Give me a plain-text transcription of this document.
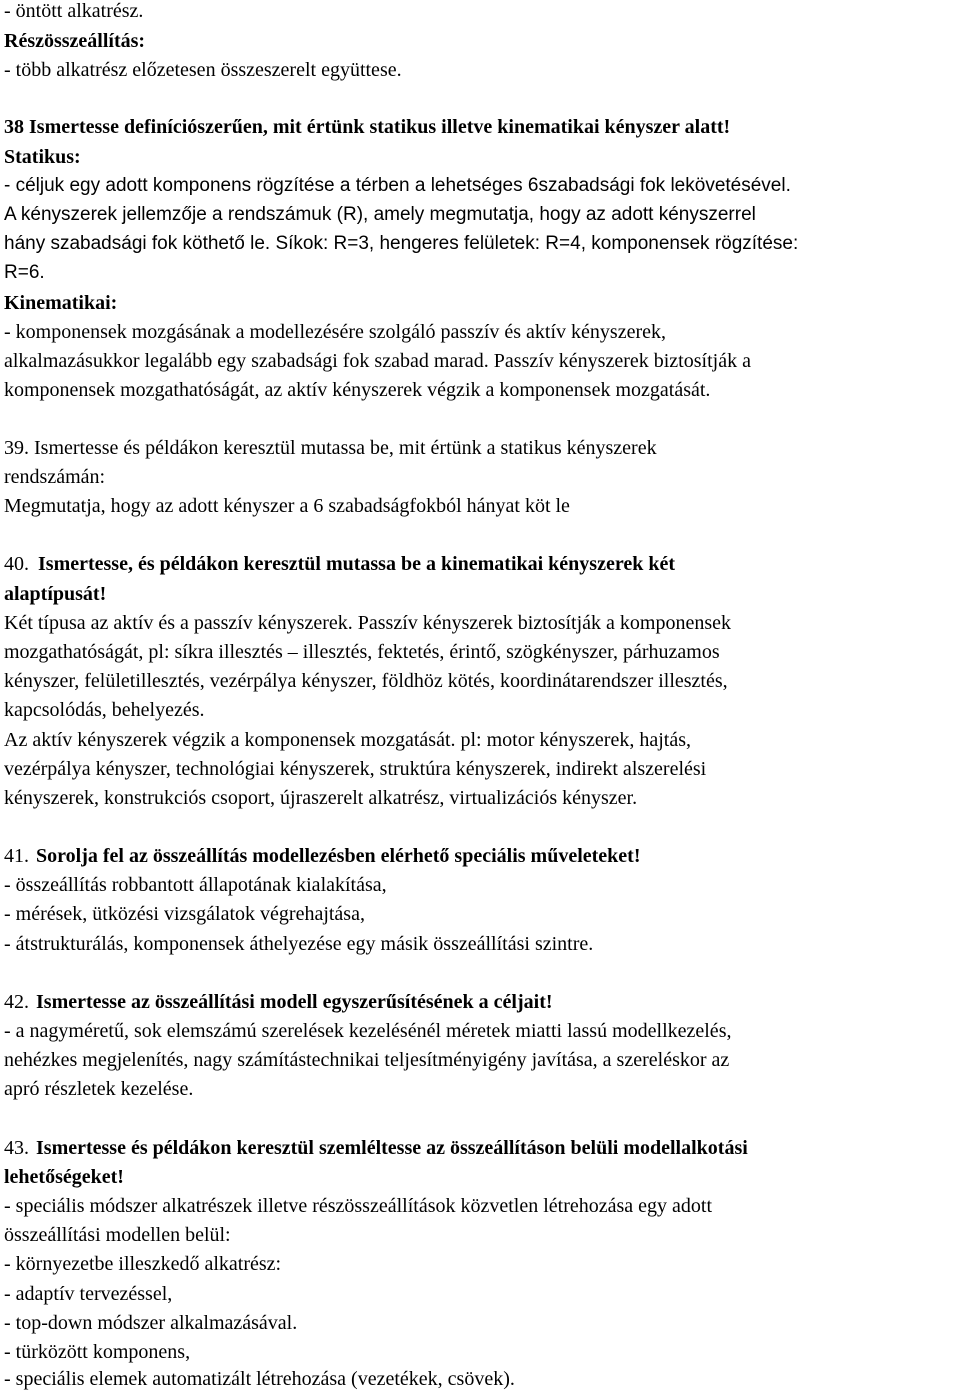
- öntött alkatrész.
Részösszeállítás:
- több alkatrész előzetesen összeszerelt együttese.
38 Ismertesse definíciószerűen, mit értünk statikus illetve kinematikai kényszer alatt!
Statikus:
- céljuk egy adott komponens rögzítése a térben a lehetséges 6szabadsági fok lekövetésével.
A kényszerek jellemzője a rendszámuk (R), amely megmutatja, hogy az adott kényszerrel
hány szabadsági fok köthető le. Síkok: R=3, hengeres felületek: R=4, komponensek rögzítése:
R=6.
Kinematikai:
- komponensek mozgásának a modellezésére szolgáló passzív és aktív kényszerek,
alkalmazásukkor legalább egy szabadsági fok szabad marad. Passzív kényszerek biztosítják a
komponensek mozgathatóságát, az aktív kényszerek végzik a komponensek mozgatását.
39. Ismertesse és példákon keresztül mutassa be, mit értünk a statikus kényszerek
rendszámán:
Megmutatja, hogy az adott kényszer a 6 szabadságfokból hányat köt le
40. Ismertesse, és példákon keresztül mutassa be a kinematikai kényszerek két
alaptípusát!
Két típusa az aktív és a passzív kényszerek. Passzív kényszerek biztosítják a komponensek
mozgathatóságát, pl: síkra illesztés – illesztés, fektetés, érintő, szögkényszer, párhuzamos
kényszer, felületillesztés, vezérpálya kényszer, földhöz kötés, koordinátarendszer illesztés,
kapcsolódás, behelyezés.
Az aktív kényszerek végzik a komponensek mozgatását. pl: motor kényszerek, hajtás,
vezérpálya kényszer, technológiai kényszerek, struktúra kényszerek, indirekt alszerelési
kényszerek, konstrukciós csoport, újraszerelt alkatrész, virtualizációs kényszer.
41. Sorolja fel az összeállítás modellezésben elérhető speciális műveleteket!
- összeállítás robbantott állapotának kialakítása,
- mérések, ütközési vizsgálatok végrehajtása,
- átstrukturálás, komponensek áthelyezése egy másik összeállítási szintre.
42. Ismertesse az összeállítási modell egyszerűsítésének a céljait!
- a nagyméretű, sok elemszámú szerelések kezelésénél méretek miatti lassú modellkezelés,
nehézkes megjelenítés, nagy számítástechnikai teljesítményigény javítása, a szereléskor az
apró részletek kezelése.
43. Ismertesse és példákon keresztül szemléltesse az összeállításon belüli modellalkotási
lehetőségeket!
- speciális módszer alkatrészek illetve részösszeállítások közvetlen létrehozása egy adott
összeállítási modellen belül:
- környezetbe illeszkedő alkatrész:
- adaptív tervezéssel,
- top-down módszer alkalmazásával.
- türközött komponens,
- speciális elemek automatizált létrehozása (vezetékek, csövek).
